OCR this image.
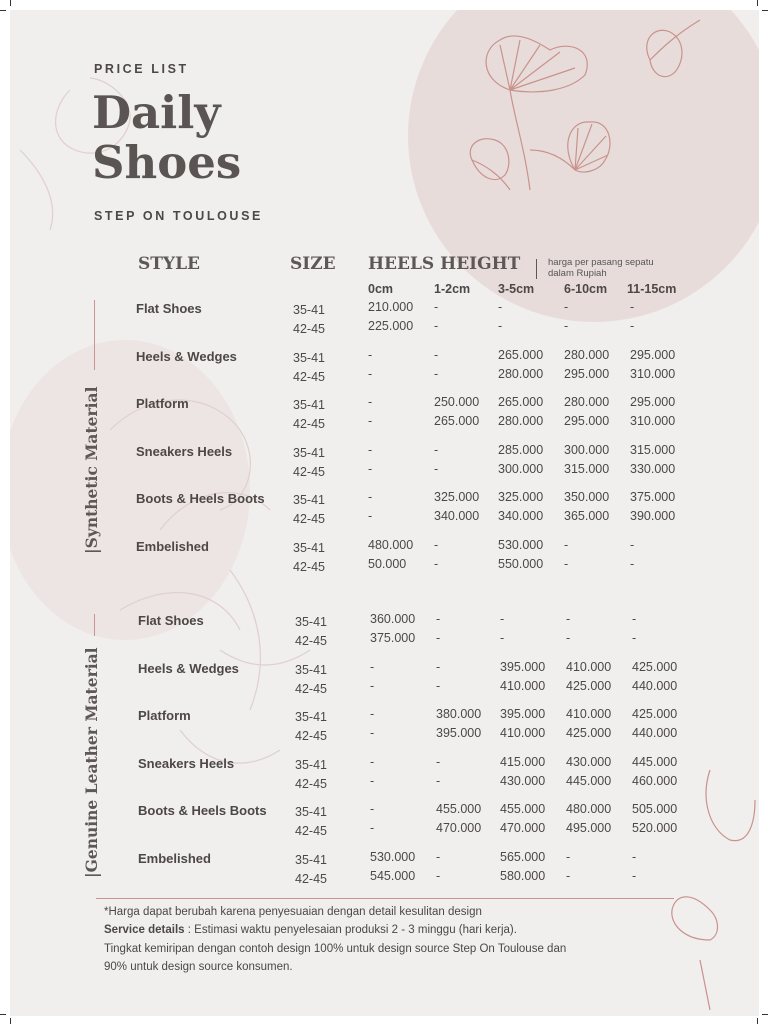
PRICE LIST
Daily
Shoes
STEP ON TOULOUSE
STYLE	SIZE HEELS HEIGHT	harga per pasang sepatu
dalam Rupiah
0cm	1-2cm 3-5cm 6-10cm 11-15cm
|Synthetic Material
|Genuine Leather Material
Flat Shoes	35-41	210.000 -	-	-	-
42-45	225.000 -	-	-	-
Heels & Wedges	35-41	-	-	265.000 280.000 295.000
42-45	-	-	280.000 295.000 310.000
Platform	35-41	-	250.000 265.000 280.000 295.000
42-45	-	265.000 280.000 295.000 310.000
Sneakers Heels	35-41	-	-	285.000 300.000 315.000
42-45	-	-	300.000 315.000 330.000
Boots & Heels Boots 35-41	-	325.000 325.000 350.000 375.000
42-45	-	340.000 340.000 365.000 390.000
Embelished	35-41	480.000 -	530.000 -	-
42-45	50.000 -	550.000 -	-
Flat Shoes	35-41	360.000 -	-	-	-
42-45	375.000 -	-	-	-
Heels & Wedges	35-41	-	-	395.000 410.000 425.000
42-45	-	-	410.000 425.000 440.000
Platform	35-41	-	380.000 395.000 410.000 425.000
42-45	-	395.000 410.000 425.000 440.000
Sneakers Heels	35-41	-	-	415.000 430.000 445.000
42-45	-	-	430.000 445.000 460.000
Boots & Heels Boots 35-41	-	455.000 455.000 480.000 505.000
42-45	-	470.000 470.000 495.000 520.000
Embelished	35-41	530.000 -	565.000 -	-
42-45	545.000 -	580.000 -	-
*Harga dapat berubah karena penyesuaian dengan detail kesulitan design
Service details : Estimasi waktu penyelesaian produksi 2 - 3 minggu (hari kerja).
Tingkat kemiripan dengan contoh design 100% untuk design source Step On Toulouse dan
90% untuk design source konsumen.
